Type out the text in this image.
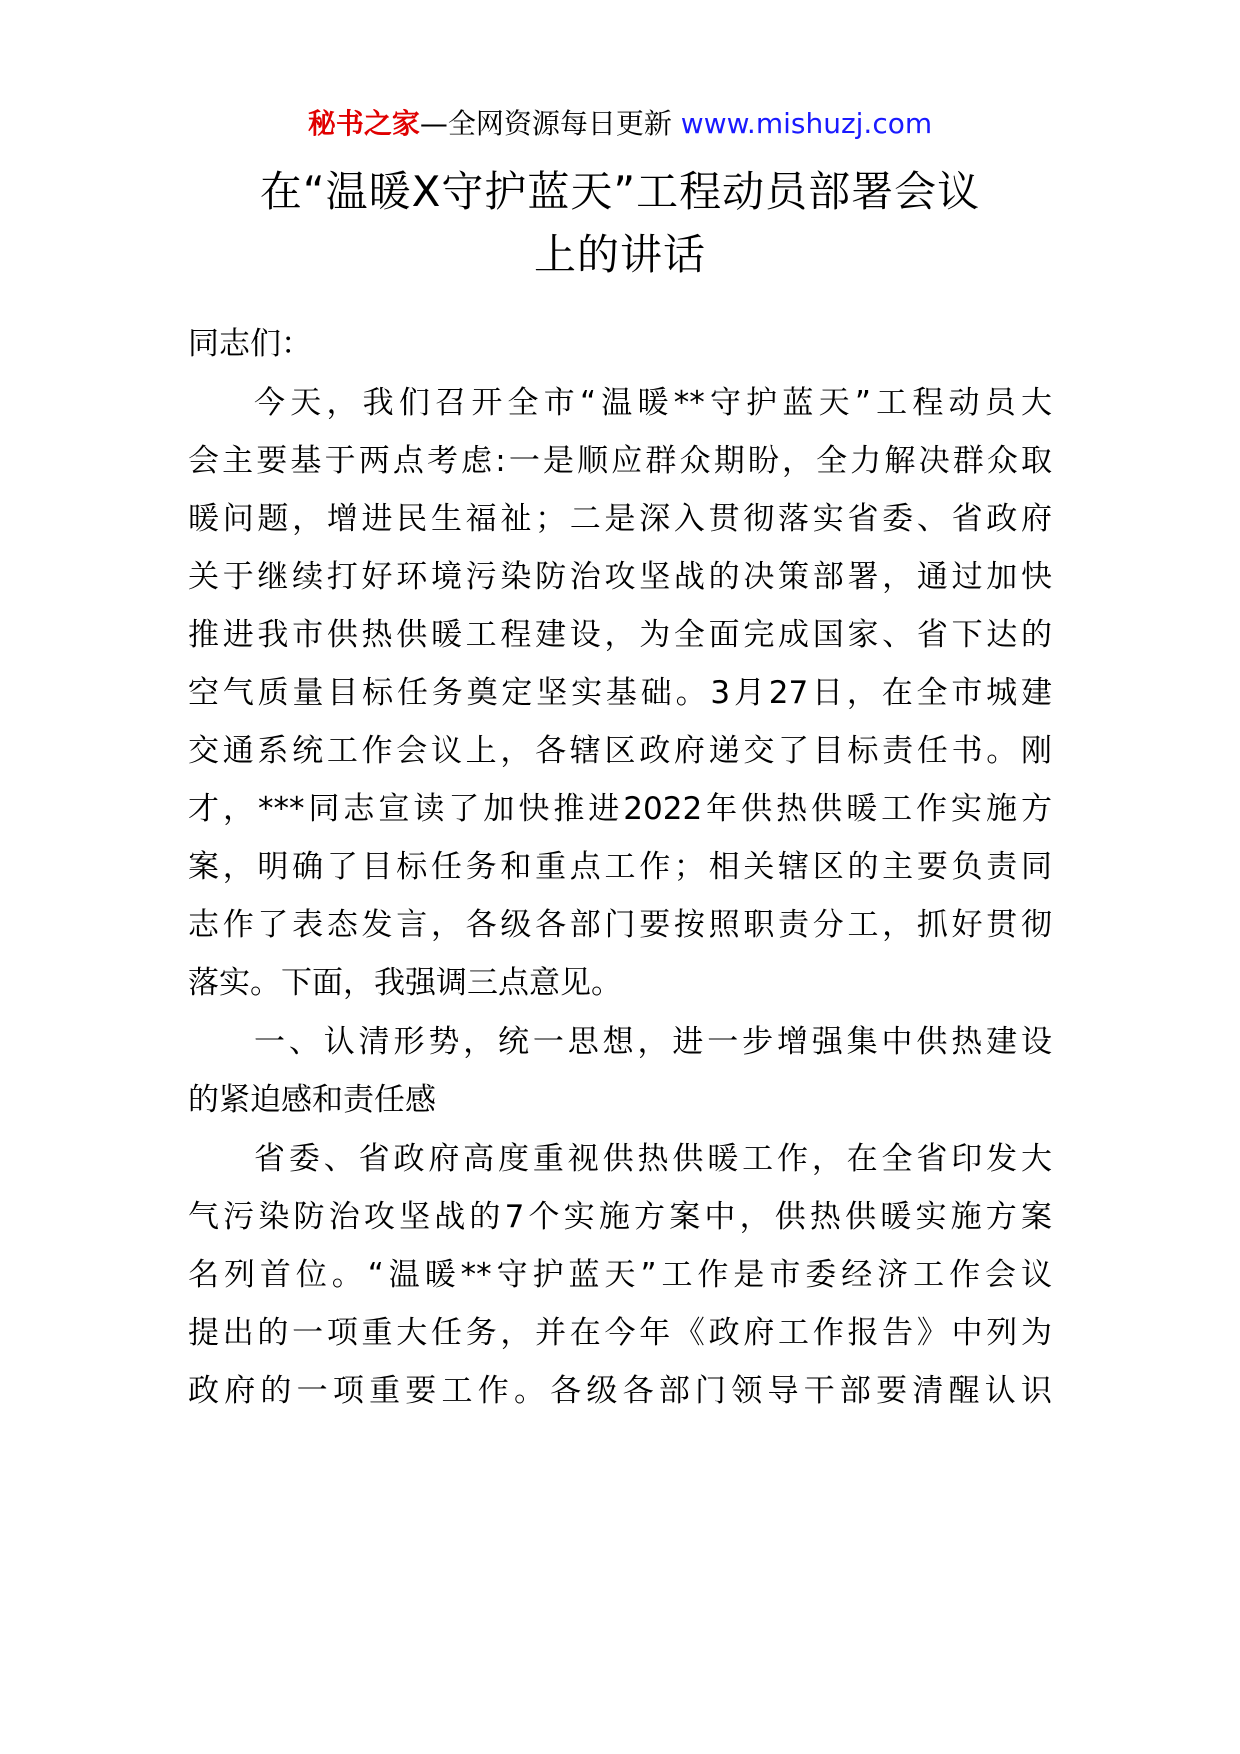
秘书之家—全网资源每日更新 www.mishuzj.com
在“温暖X守护蓝天”工程动员部署会议
上的讲话
同志们：
今天，我们召开全市“温暖**守护蓝天”工程动员大
会主要基于两点考虑:一是顺应群众期盼，全力解决群众取
暖问题，增进民生福祉；二是深入贯彻落实省委、省政府
关于继续打好环境污染防治攻坚战的决策部署，通过加快
推进我市供热供暖工程建设，为全面完成国家、省下达的
空气质量目标任务奠定坚实基础。3月27日，在全市城建
交通系统工作会议上，各辖区政府递交了目标责任书。刚
才，***同志宣读了加快推进2022年供热供暖工作实施方
案，明确了目标任务和重点工作；相关辖区的主要负责同
志作了表态发言，各级各部门要按照职责分工，抓好贯彻
落实。下面，我强调三点意见。
一、认清形势，统一思想，进一步增强集中供热建设
的紧迫感和责任感
省委、省政府高度重视供热供暖工作，在全省印发大
气污染防治攻坚战的7个实施方案中，供热供暖实施方案
名列首位。“温暖**守护蓝天”工作是市委经济工作会议
提出的一项重大任务，并在今年《政府工作报告》中列为
政府的一项重要工作。各级各部门领导干部要清醒认识
